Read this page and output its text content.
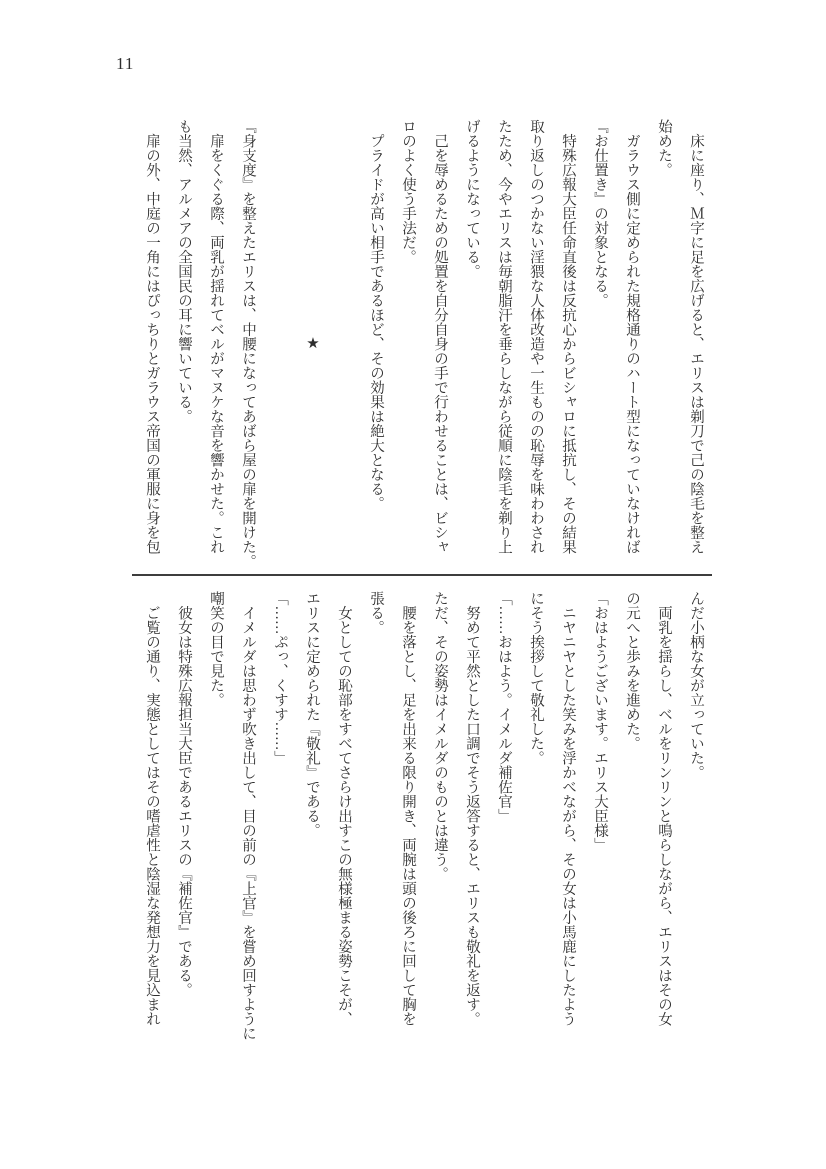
11

　床に座り、Ｍ字に足を広げると、エリスは剃刀で己の陰毛を整え

始めた。

　ガラウス側に定められた規格通りのハート型になっていなければ

『お仕置き』の対象となる。

　特殊広報大臣任命直後は反抗心からビシャロに抵抗し、その結果

取り返しのつかない淫猥な人体改造や一生ものの恥辱を味わわされ

たため、今やエリスは毎朝脂汗を垂らしながら従順に陰毛を剃り上

げるようになっている。

　己を辱めるための処置を自分自身の手で行わせることは、ビシャ

ロのよく使う手法だ。

　プライドが高い相手であるほど、その効果は絶大となる。

★

『身支度』を整えたエリスは、中腰になってあばら屋の扉を開けた。

　扉をくぐる際、両乳が揺れてベルがマヌケな音を響かせた。これ

も当然、アルメアの全国民の耳に響いている。

　扉の外、中庭の一角にはぴっちりとガラウス帝国の軍服に身を包

んだ小柄な女が立っていた。

　両乳を揺らし、ベルをリンリンと鳴らしながら、エリスはその女

の元へと歩みを進めた。

「おはようございます。エリス大臣様」

　ニヤニヤとした笑みを浮かべながら、その女は小馬鹿にしたよう

にそう挨拶して敬礼した。

「……おはよう。イメルダ補佐官」

　努めて平然とした口調でそう返答すると、エリスも敬礼を返す。

ただ、その姿勢はイメルダのものとは違う。

　腰を落とし、足を出来る限り開き、両腕は頭の後ろに回して胸を

張る。

　女としての恥部をすべてさらけ出すこの無様極まる姿勢こそが、

エリスに定められた『敬礼』である。

「……ぷっ、くすす……」

　イメルダは思わず吹き出して、目の前の『上官』を嘗め回すように

嘲笑の目で見た。

　彼女は特殊広報担当大臣であるエリスの『補佐官』である。

　ご覧の通り、実態としてはその嗜虐性と陰湿な発想力を見込まれ
